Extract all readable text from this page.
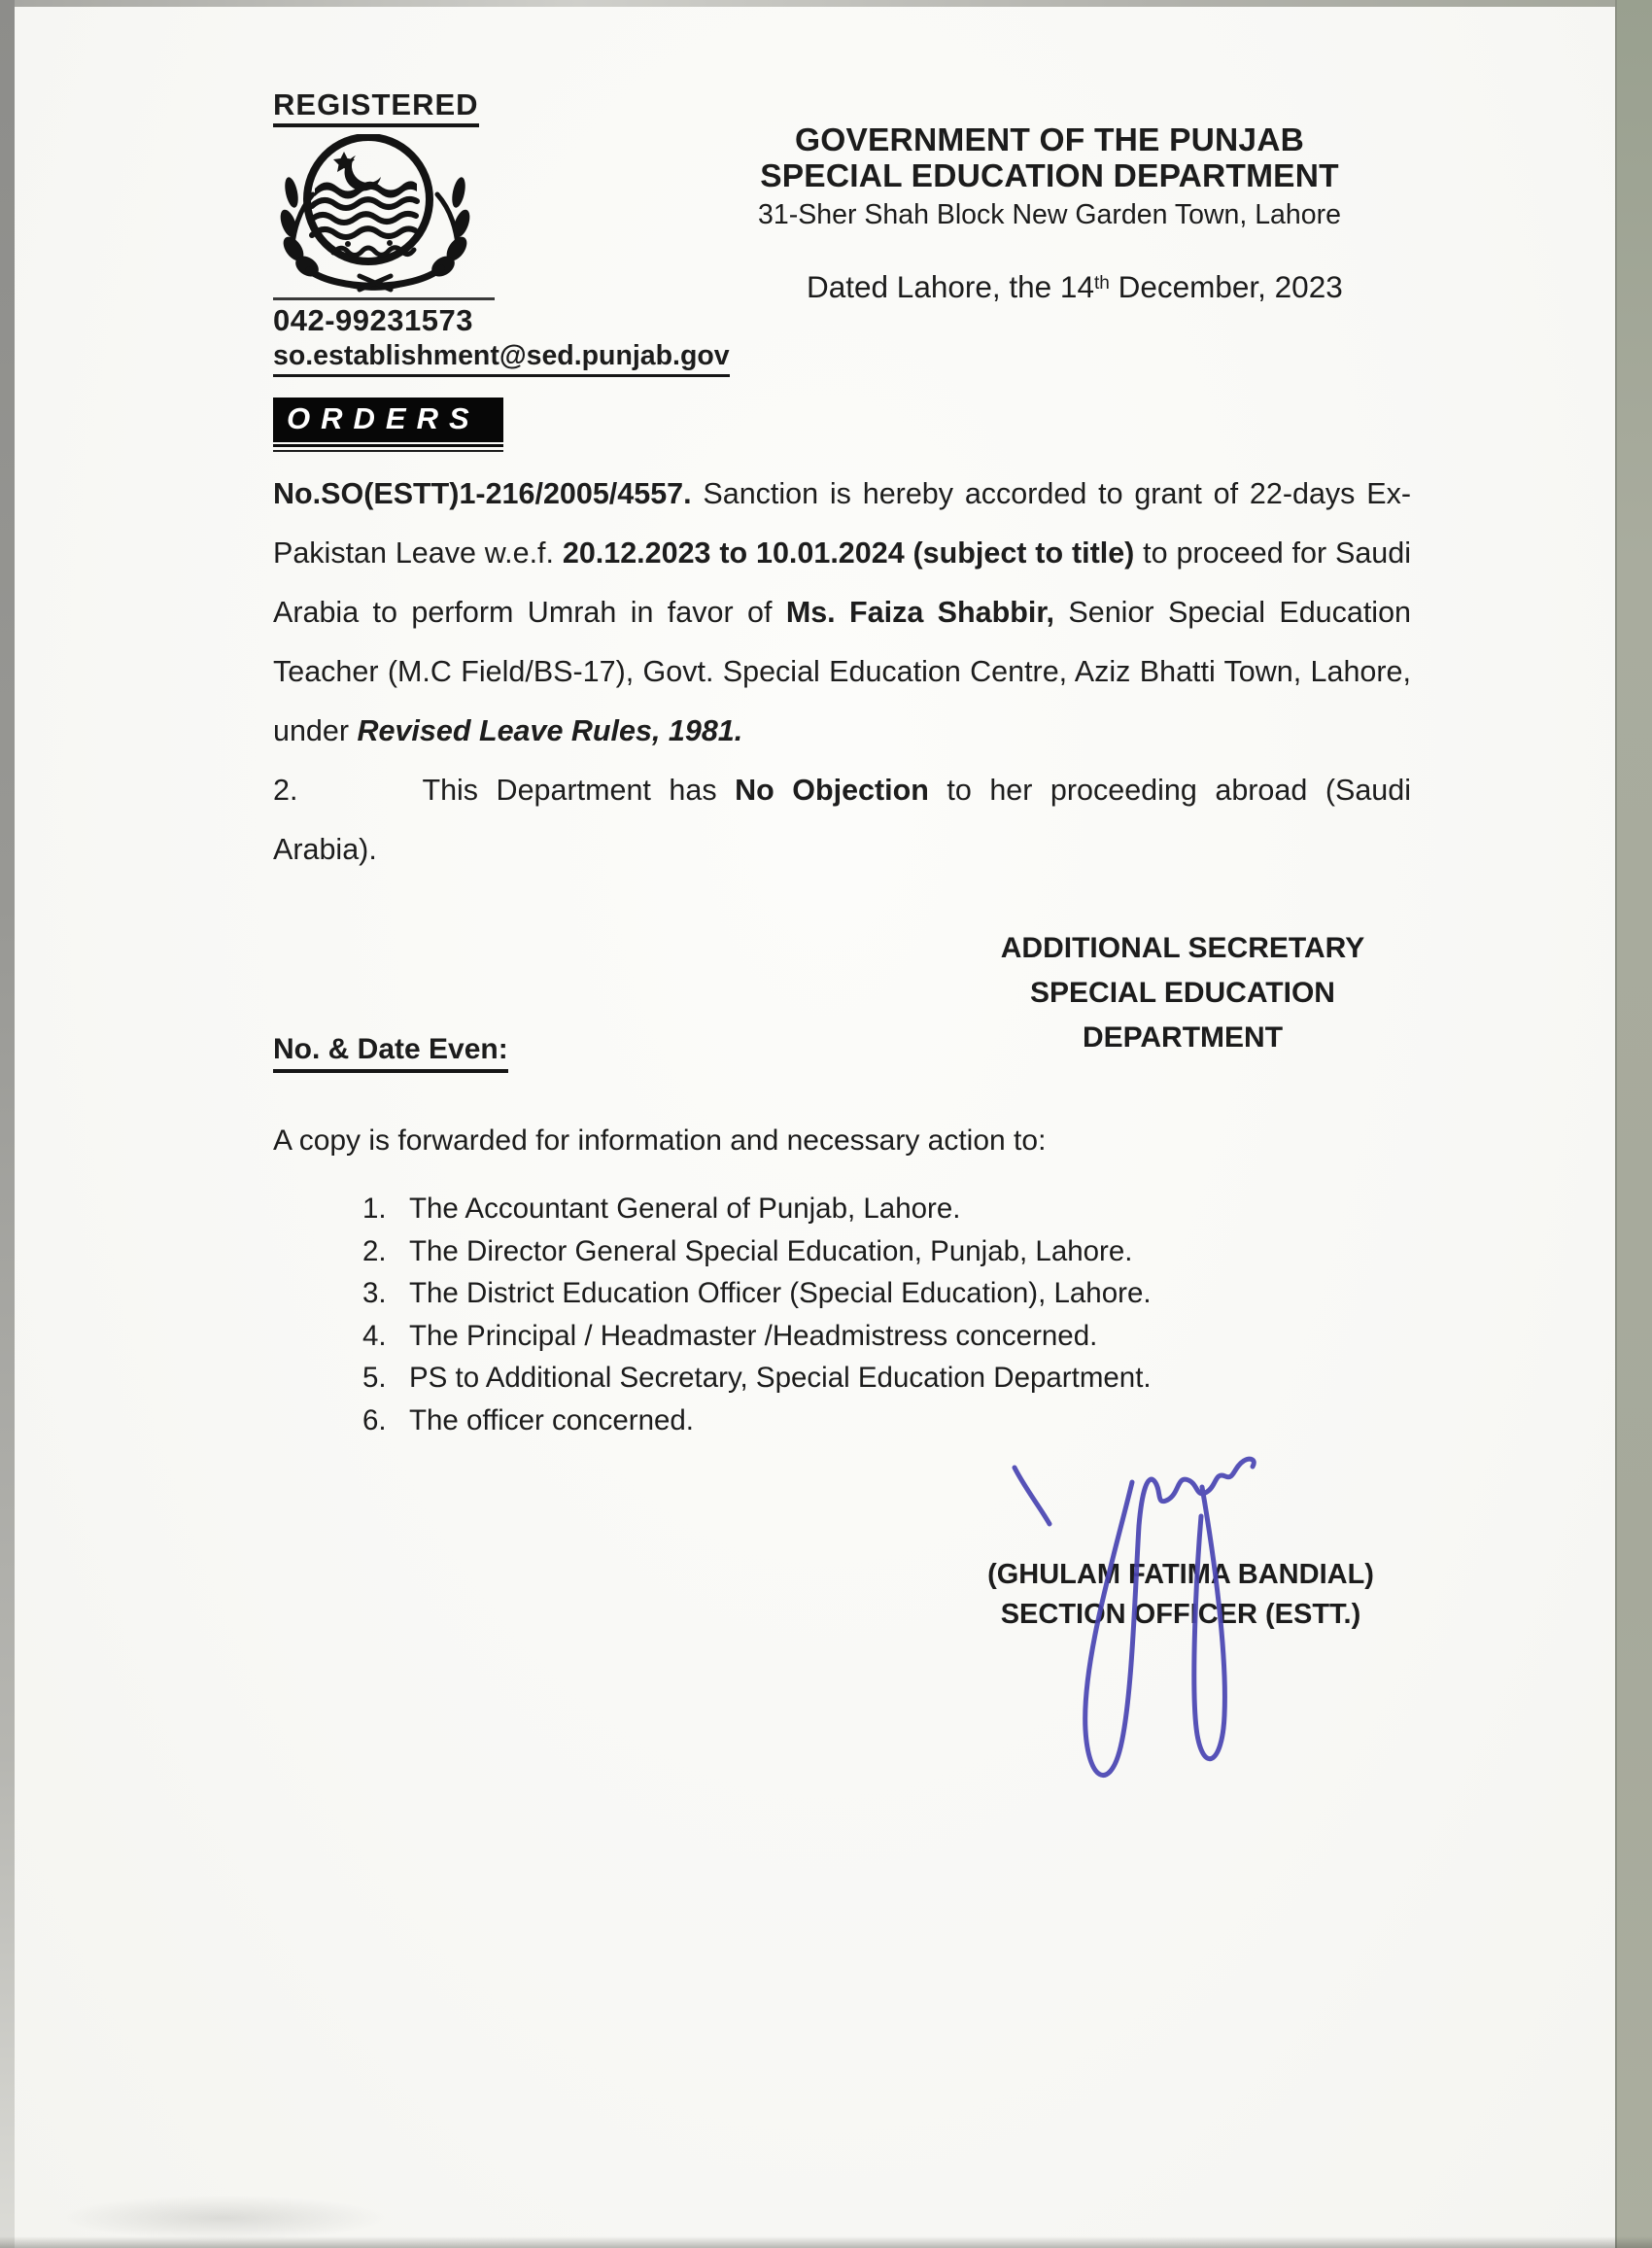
REGISTERED
042-99231573
so.establishment@sed.punjab.gov
GOVERNMENT OF THE PUNJAB
SPECIAL EDUCATION DEPARTMENT
31-Sher Shah Block New Garden Town, Lahore
Dated Lahore, the 14th December, 2023
ORDERS

No.SO(ESTT)1-216/2005/4557. Sanction is hereby accorded to grant of 22-days Ex-Pakistan Leave w.e.f. 20.12.2023 to 10.01.2024 (subject to title) to proceed for Saudi Arabia to perform Umrah in favor of Ms. Faiza Shabbir, Senior Special Education Teacher (M.C Field/BS-17), Govt. Special Education Centre, Aziz Bhatti Town, Lahore, under Revised Leave Rules, 1981.

2.	This Department has No Objection to her proceeding abroad (Saudi Arabia).

ADDITIONAL SECRETARY
SPECIAL EDUCATION
DEPARTMENT
No. & Date Even:
A copy is forwarded for information and necessary action to:
1. The Accountant General of Punjab, Lahore.
2. The Director General Special Education, Punjab, Lahore.
3. The District Education Officer (Special Education), Lahore.
4. The Principal / Headmaster /Headmistress concerned.
5. PS to Additional Secretary, Special Education Department.
6. The officer concerned.
(GHULAM FATIMA BANDIAL)
SECTION OFFICER (ESTT.)
